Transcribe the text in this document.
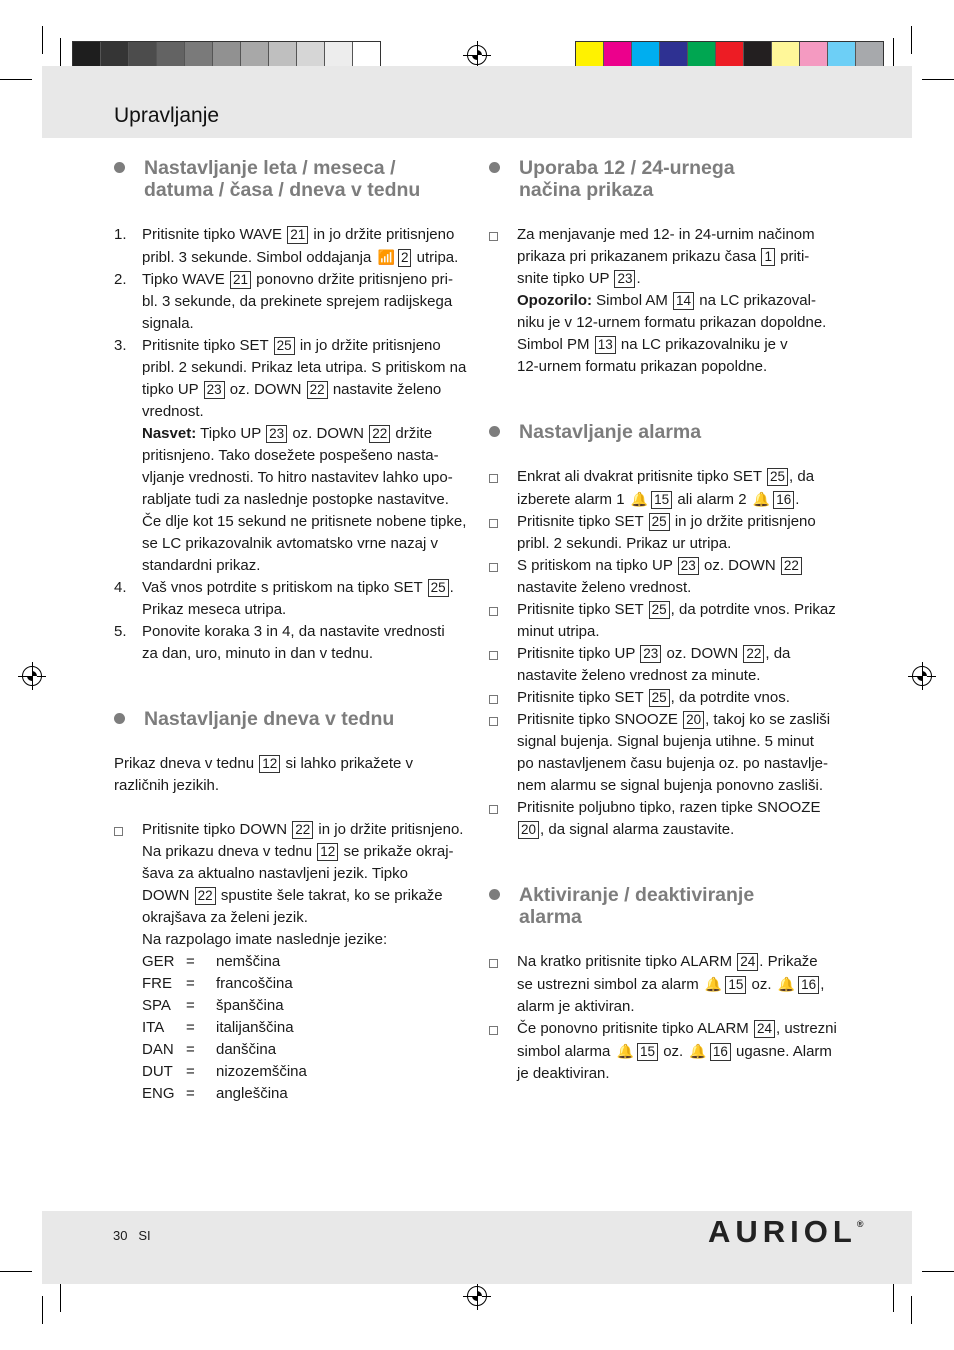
Upravljanje
Nastavljanje leta / meseca /
datuma / časa / dneva v tednu
1. Pritisnite tipko WAVE 21 in jo držite pritisnjeno
pribl. 3 sekunde. Simbol oddajanja 📶 2 utripa.
2. Tipko WAVE 21 ponovno držite pritisnjeno pri-
bl. 3 sekunde, da prekinete sprejem radijskega
signala.
3. Pritisnite tipko SET 25 in jo držite pritisnjeno
pribl. 2 sekundi. Prikaz leta utripa. S pritiskom na
tipko UP 23 oz. DOWN 22 nastavite želeno
vrednost.
Nasvet: Tipko UP 23 oz. DOWN 22 držite
pritisnjeno. Tako dosežete pospešeno nasta-
vljanje vrednosti. To hitro nastavitev lahko upo-
rabljate tudi za naslednje postopke nastavitve.
Če dlje kot 15 sekund ne pritisnete nobene tipke,
se LC prikazovalnik avtomatsko vrne nazaj v
standardni prikaz.
4. Vaš vnos potrdite s pritiskom na tipko SET 25 .
Prikaz meseca utripa.
5. Ponovite koraka 3 in 4, da nastavite vrednosti
za dan, uro, minuto in dan v tednu.
Nastavljanje dneva v tednu
Prikaz dneva v tednu 12 si lahko prikažete v
različnih jezikih.
Pritisnite tipko DOWN 22 in jo držite pritisnjeno.
Na prikazu dneva v tednu 12 se prikaže okraj-
šava za aktualno nastavljeni jezik. Tipko
DOWN 22 spustite šele takrat, ko se prikaže
okrajšava za želeni jezik.
Na razpolago imate naslednje jezike:
GER =	nemščina
FRE =	francoščina
SPA	=	španščina
ITA	=	italijanščina
DAN =	danščina
DUT =	nizozemščina
ENG =	angleščina
Uporaba 12 / 24-urnega
načina prikaza
Za menjavanje med 12- in 24-urnim načinom
prikaza pri prikazanem prikazu časa 1 priti-
snite tipko UP 23 .
Opozorilo: Simbol AM 14 na LC prikazoval-
niku je v 12-urnem formatu prikazan dopoldne.
Simbol PM 13 na LC prikazovalniku je v
12-urnem formatu prikazan popoldne.
Nastavljanje alarma
Enkrat ali dvakrat pritisnite tipko SET 25 , da
izberete alarm 1 🔔 15 ali alarm 2 🔔 16 .
Pritisnite tipko SET 25 in jo držite pritisnjeno
pribl. 2 sekundi. Prikaz ur utripa.
S pritiskom na tipko UP 23 oz. DOWN 22
nastavite želeno vrednost.
Pritisnite tipko SET 25 , da potrdite vnos. Prikaz
minut utripa.
Pritisnite tipko UP 23 oz. DOWN 22 , da
nastavite želeno vrednost za minute.
Pritisnite tipko SET 25 , da potrdite vnos.
Pritisnite tipko SNOOZE 20 , takoj ko se zasliši
signal bujenja. Signal bujenja utihne. 5 minut
po nastavljenem času bujenja oz. po nastavlje-
nem alarmu se signal bujenja ponovno zasliši.
Pritisnite poljubno tipko, razen tipke SNOOZE
20 , da signal alarma zaustavite.
Aktiviranje / deaktiviranje
alarma
Na kratko pritisnite tipko ALARM 24 . Prikaže
se ustrezni simbol za alarm 🔔 15 oz. 🔔 16 ,
alarm je aktiviran.
Če ponovno pritisnite tipko ALARM 24 , ustrezni
simbol alarma 🔔 15 oz. 🔔 16 ugasne. Alarm
je deaktiviran.
30 SI	AURIOL®
